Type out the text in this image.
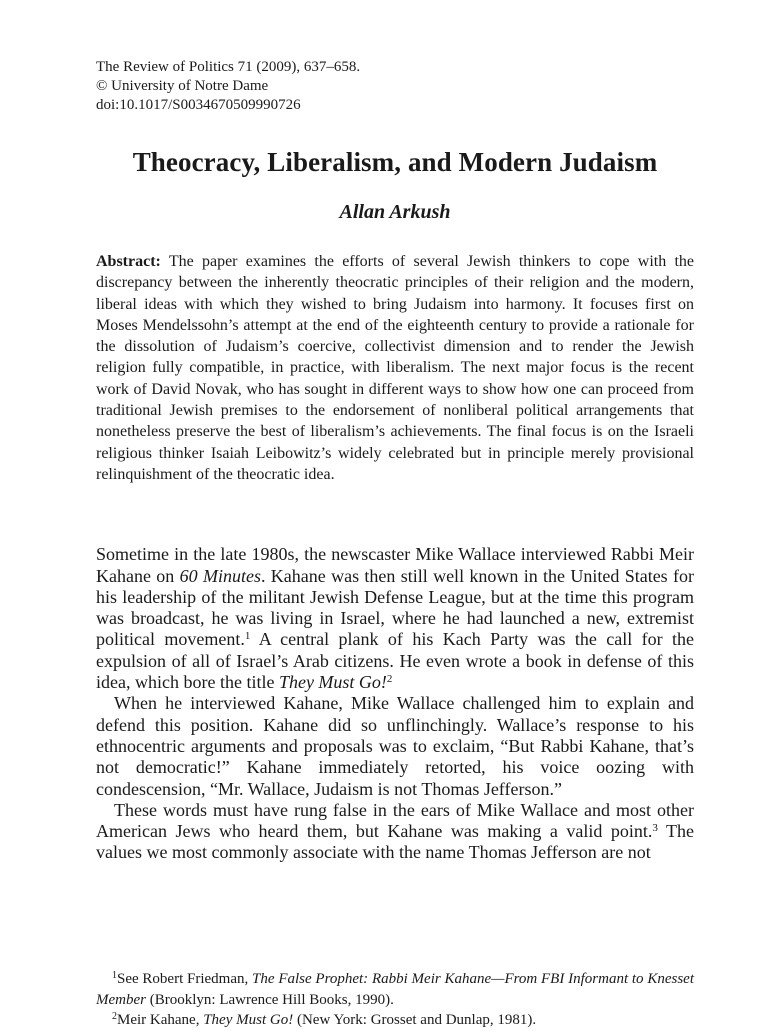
The Review of Politics 71 (2009), 637–658.
© University of Notre Dame
doi:10.1017/S0034670509990726
Theocracy, Liberalism, and Modern Judaism
Allan Arkush

Abstract: The paper examines the efforts of several Jewish thinkers to cope with the discrepancy between the inherently theocratic principles of their religion and the modern, liberal ideas with which they wished to bring Judaism into harmony. It focuses first on Moses Mendelssohn’s attempt at the end of the eighteenth century to provide a rationale for the dissolution of Judaism’s coercive, collectivist dimension and to render the Jewish religion fully compatible, in practice, with liberalism. The next major focus is the recent work of David Novak, who has sought in different ways to show how one can proceed from traditional Jewish premises to the endorsement of nonliberal political arrangements that nonetheless preserve the best of liberalism’s achievements. The final focus is on the Israeli religious thinker Isaiah Leibowitz’s widely celebrated but in principle merely provisional relinquishment of the theocratic idea.

Sometime in the late 1980s, the newscaster Mike Wallace interviewed Rabbi Meir Kahane on 60 Minutes. Kahane was then still well known in the United States for his leadership of the militant Jewish Defense League, but at the time this program was broadcast, he was living in Israel, where he had launched a new, extremist political movement.$^1$ A central plank of his Kach Party was the call for the expulsion of all of Israel’s Arab citizens. He even wrote a book in defense of this idea, which bore the title They Must Go!$^2$

When he interviewed Kahane, Mike Wallace challenged him to explain and defend this position. Kahane did so unflinchingly. Wallace’s response to his ethnocentric arguments and proposals was to exclaim, “But Rabbi Kahane, that’s not democratic!” Kahane immediately retorted, his voice oozing with condescension, “Mr. Wallace, Judaism is not Thomas Jefferson.”

These words must have rung false in the ears of Mike Wallace and most other American Jews who heard them, but Kahane was making a valid point.$^3$ The values we most commonly associate with the name Thomas Jefferson are not

$^1$See Robert Friedman, The False Prophet: Rabbi Meir Kahane—From FBI Informant to Knesset Member (Brooklyn: Lawrence Hill Books, 1990).

$^2$Meir Kahane, They Must Go! (New York: Grosset and Dunlap, 1981).
